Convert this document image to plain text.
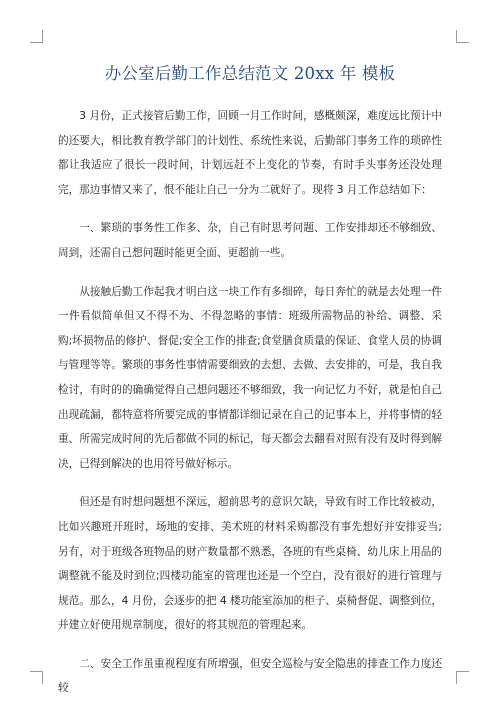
办公室后勤工作总结范文 20xx 年 模板

3 月份，正式接管后勤工作，回顾一月工作时间，感概颇深，难度远比预计中的还要大，相比教育教学部门的计划性、系统性来说，后勤部门事务工作的琐碎性都让我适应了很长一段时间，计划远赶不上变化的节奏，有时手头事务还没处理完，那边事情又来了，恨不能让自己一分为二就好了。现将 3 月工作总结如下：

一、繁琐的事务性工作多、杂，自己有时思考问题、工作安排却还不够细致、周到，还需自己想问题时能更全面、更超前一些。

从接触后勤工作起我才明白这一块工作有多细碎，每日奔忙的就是去处理一件一件看似简单但又不得不为、不得忽略的事情：班级所需物品的补给、调整、采购;坏损物品的修护、督促;安全工作的排查;食堂膳食质量的保证、食堂人员的协调与管理等等。繁琐的事务性事情需要细致的去想、去做、去安排的，可是，我自我检讨，有时的的确确觉得自己想问题还不够细致，我一向记忆力不好，就是怕自己出现疏漏，都特意将所要完成的事情都详细记录在自己的记事本上，并将事情的轻重、所需完成时间的先后都做不同的标记，每天都会去翻看对照有没有及时得到解决，已得到解决的也用符号做好标示。

但还是有时想问题想不深远，超前思考的意识欠缺，导致有时工作比较被动，比如兴趣班开班时，场地的安排、美术班的材料采购都没有事先想好并安排妥当;另有，对于班级各班物品的财产数量都不熟悉，各班的有些桌椅、幼儿床上用品的调整就不能及时到位;四楼功能室的管理也还是一个空白，没有很好的进行管理与规范。那么，4 月份，会逐步的把 4 楼功能室添加的柜子、桌椅督促、调整到位，并建立好使用规章制度，很好的将其规范的管理起来。

二、安全工作虽重视程度有所增强，但安全巡检与安全隐患的排查工作力度还较
